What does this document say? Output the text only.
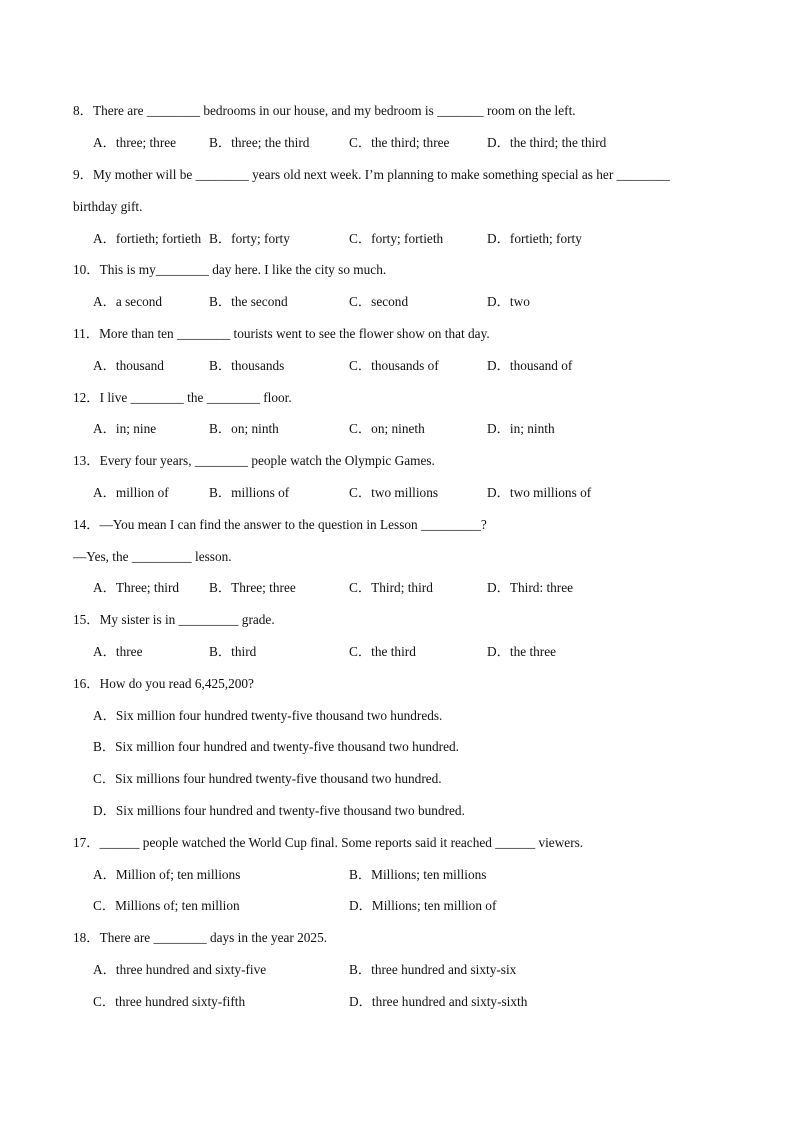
8．There are ________ bedrooms in our house, and my bedroom is _______ room on the left.
A．three; three B．three; the third	C．the third; three	D．the third; the third
9．My mother will be ________ years old next week. I’m planning to make something special as her ________
birthday gift.
A．fortieth; fortieth B．forty; forty	C．forty; fortieth	D．fortieth; forty
10．This is my________ day here. I like the city so much.
A．a second	B．the second	C．second	D．two
11．More than ten ________ tourists went to see the flower show on that day.
A．thousand	B．thousands	C．thousands of	D．thousand of
12．I live ________ the ________ floor.
A．in; nine	B．on; ninth	C．on; nineth	D．in; ninth
13．Every four years, ________ people watch the Olympic Games.
A．million of	B．millions of	C．two millions	D．two millions of
14．—You mean I can find the answer to the question in Lesson _________?
—Yes, the _________ lesson.
A．Three; third B．Three; three	C．Third; third	D．Third: three
15．My sister is in _________ grade.
A．three	B．third	C．the third	D．the three
16．How do you read 6,425,200?
A．Six million four hundred twenty-five thousand two hundreds.
B．Six million four hundred and twenty-five thousand two hundred.
C．Six millions four hundred twenty-five thousand two hundred.
D．Six millions four hundred and twenty-five thousand two bundred.
17．______ people watched the World Cup final. Some reports said it reached ______ viewers.
A．Million of; ten millions	B．Millions; ten millions
C．Millions of; ten million	D．Millions; ten million of
18．There are ________ days in the year 2025.
A．three hundred and sixty-five	B．three hundred and sixty-six
C．three hundred sixty-fifth	D．three hundred and sixty-sixth
